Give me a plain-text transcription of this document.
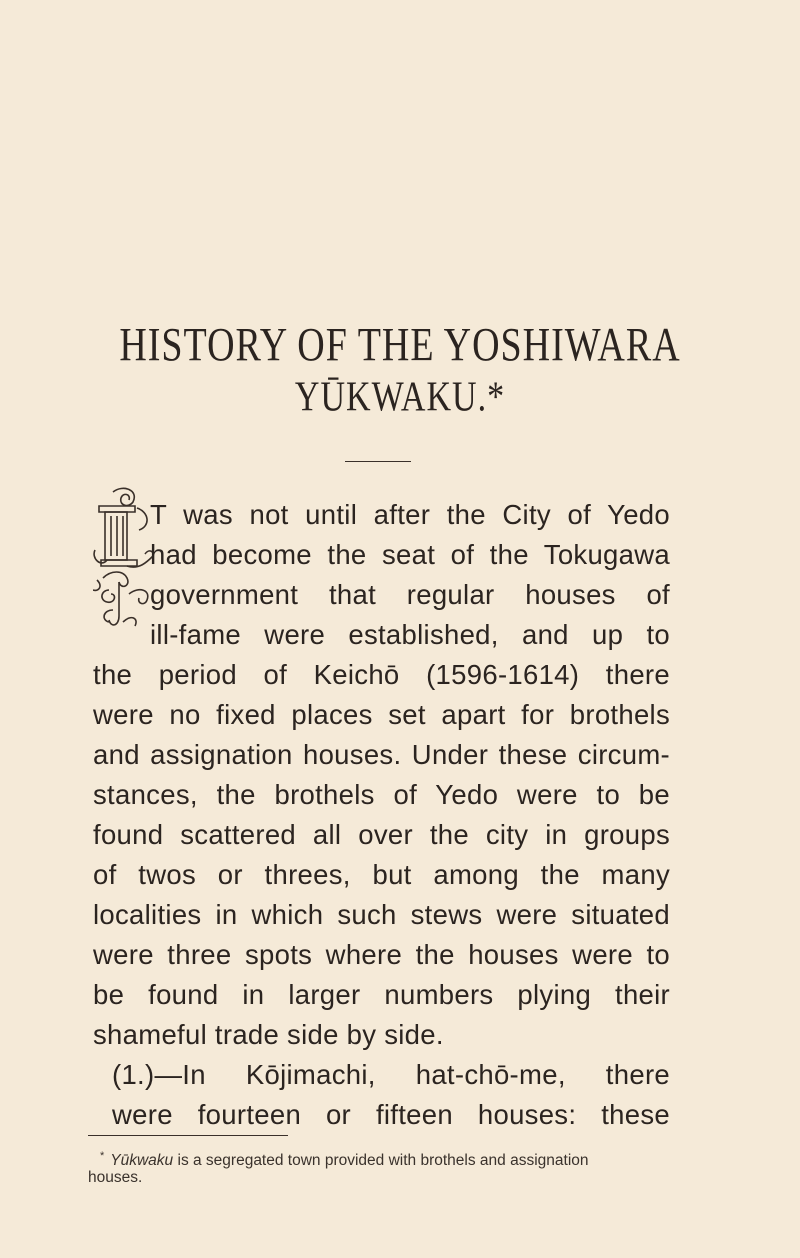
HISTORY OF THE YOSHIWARA
YŪKWAKU.*
T was not until after the City of Yedo
had become the seat of the Tokugawa
government that regular houses of
ill-fame were established, and up to
the period of Keichō (1596-1614) there
were no fixed places set apart for brothels
and assignation houses. Under these circum-
stances, the brothels of Yedo were to be
found scattered all over the city in groups
of twos or threes, but among the many
localities in which such stews were situated
were three spots where the houses were to
be found in larger numbers plying their
shameful trade side by side.
(1.)—In Kōjimachi, hat-chō-me, there
were fourteen or fifteen houses: these
* Yūkwaku is a segregated town provided with brothels and assignation
houses.
